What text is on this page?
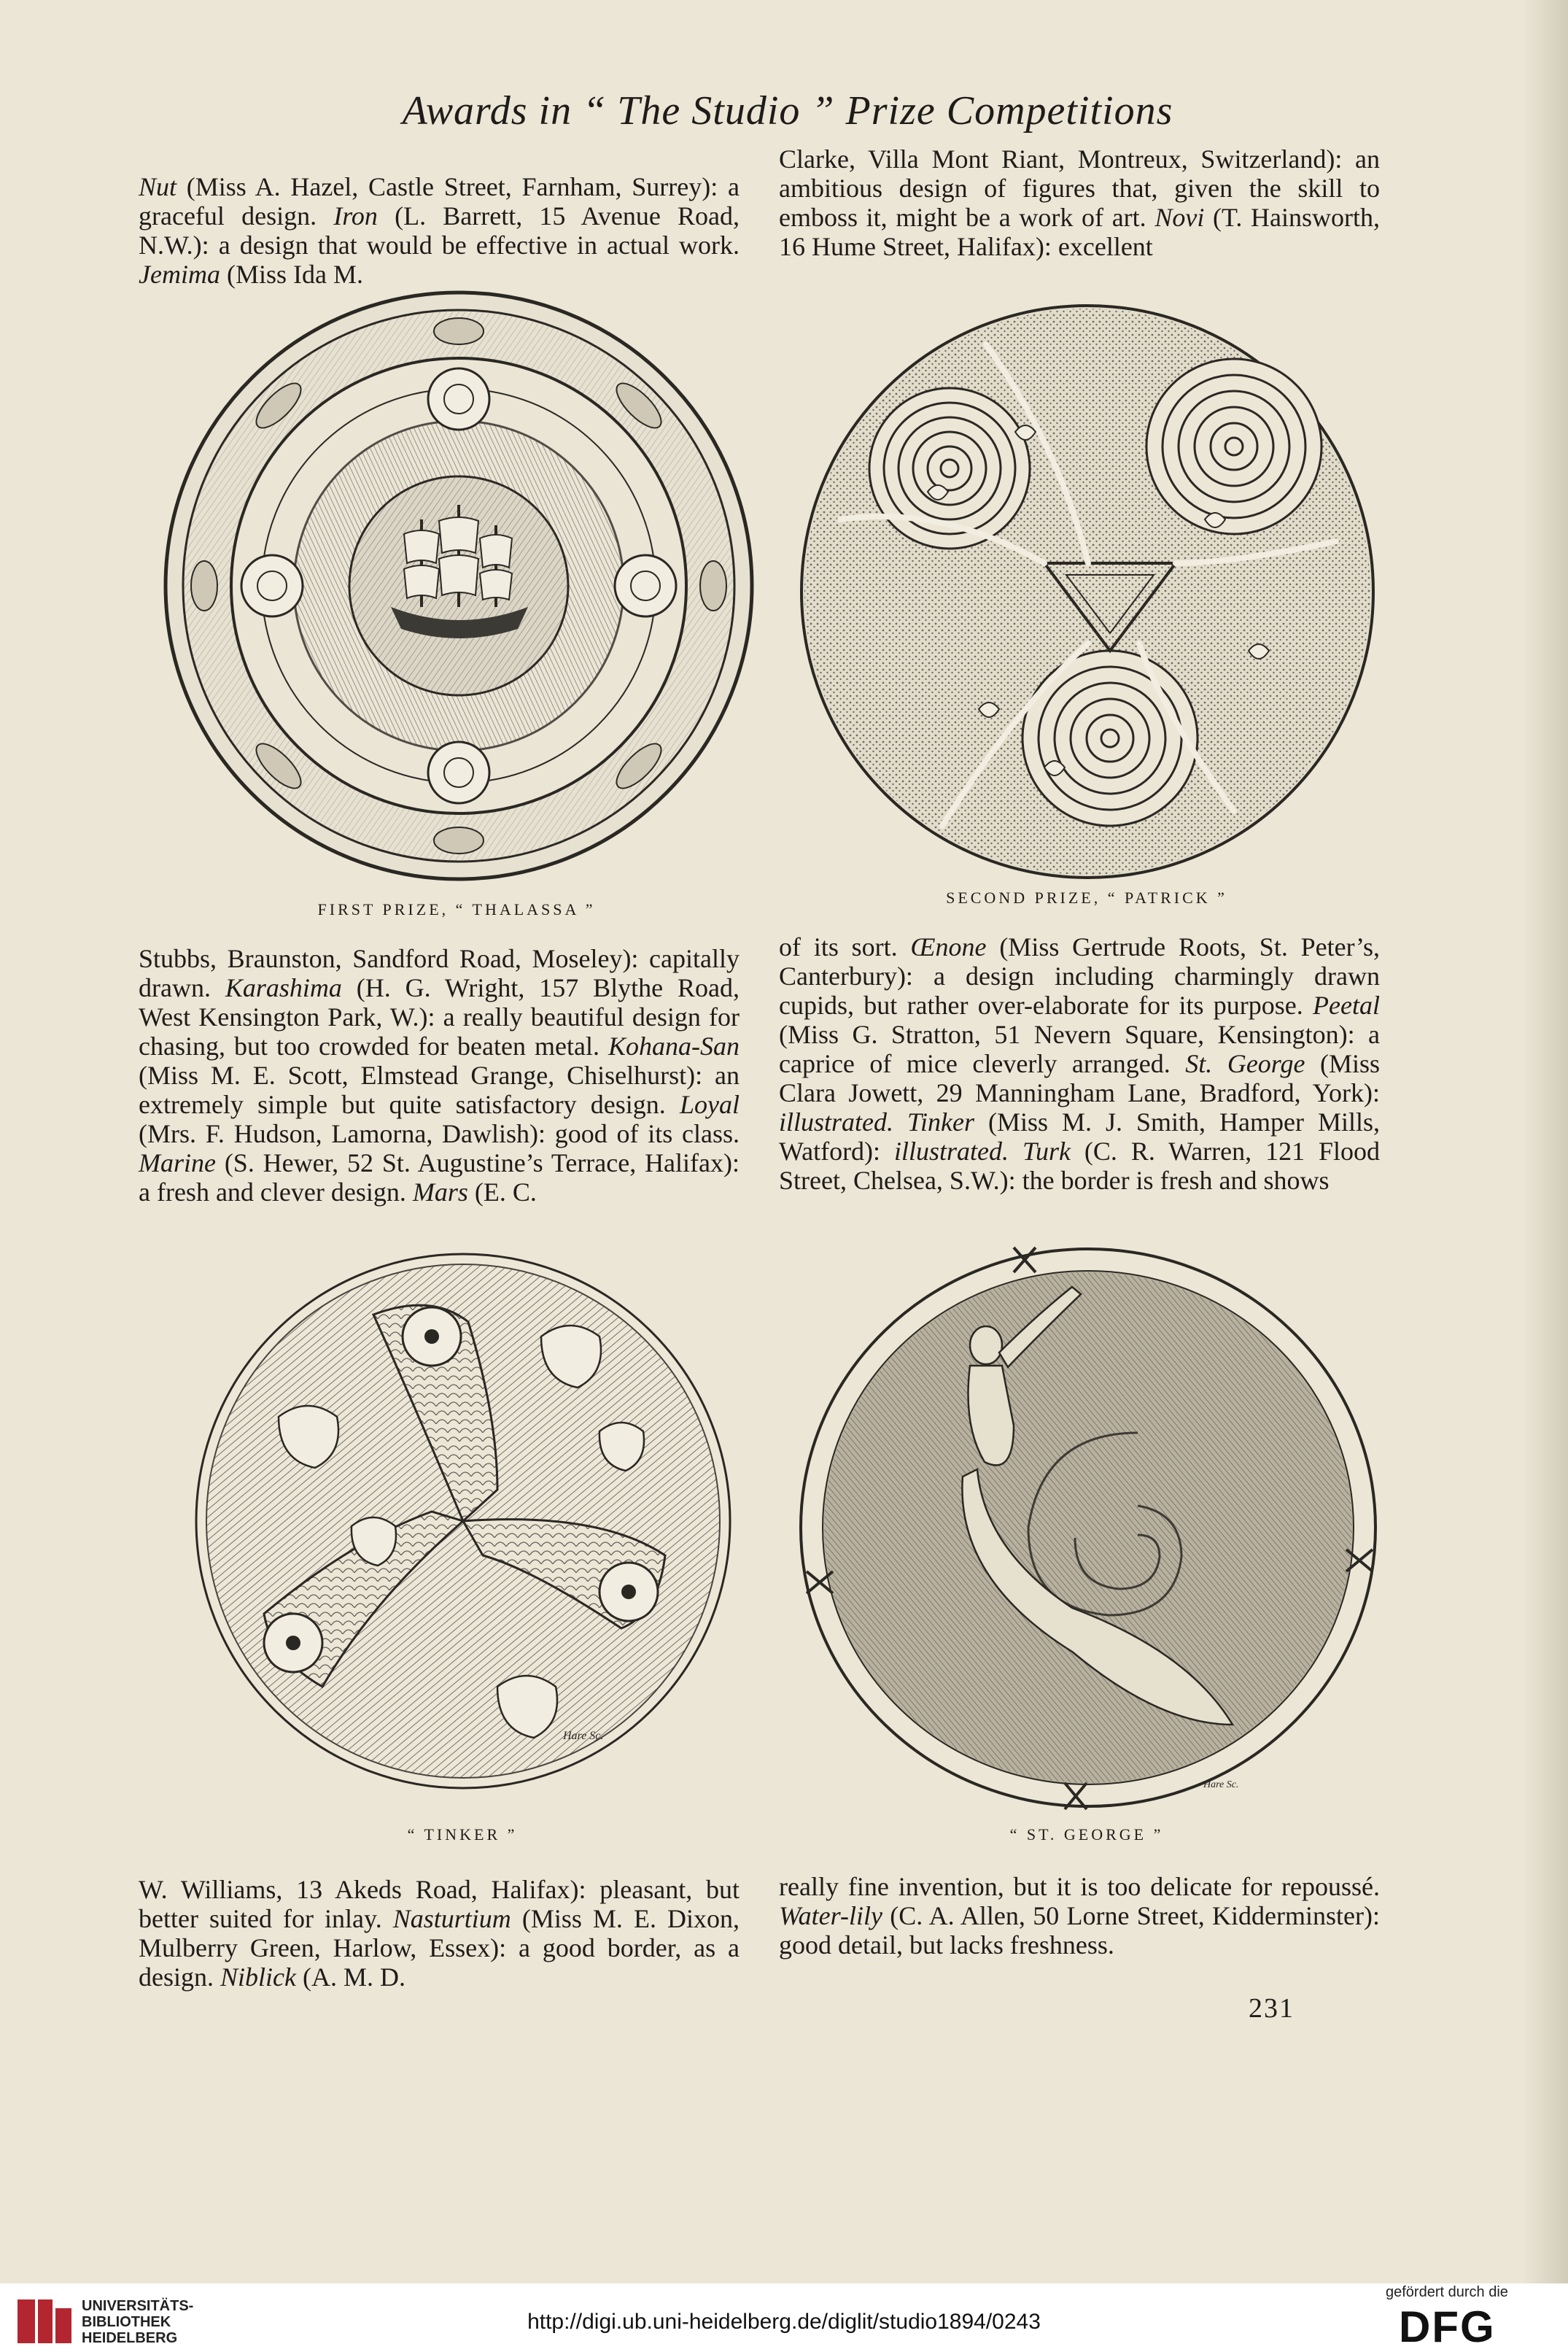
Awards in “ The Studio ” Prize Competitions

Nut (Miss A. Hazel, Castle Street, Farnham, Surrey): a graceful design. Iron (L. Barrett, 15 Avenue Road, N.W.): a design that would be effective in actual work. Jemima (Miss Ida M.

Clarke, Villa Mont Riant, Montreux, Switzerland): an ambitious design of figures that, given the skill to emboss it, might be a work of art. Novi (T. Hainsworth, 16 Hume Street, Halifax): excellent

FIRST PRIZE, “ THALASSA ”
SECOND PRIZE, “ PATRICK ”

Stubbs, Braunston, Sandford Road, Moseley): capitally drawn. Karashima (H. G. Wright, 157 Blythe Road, West Kensington Park, W.): a really beautiful design for chasing, but too crowded for beaten metal. Kohana-San (Miss M. E. Scott, Elmstead Grange, Chiselhurst): an extremely simple but quite satisfactory design. Loyal (Mrs. F. Hudson, Lamorna, Dawlish): good of its class. Marine (S. Hewer, 52 St. Augustine’s Terrace, Halifax): a fresh and clever design. Mars (E. C.

of its sort. Œnone (Miss Gertrude Roots, St. Peter’s, Canterbury): a design including charmingly drawn cupids, but rather over-elaborate for its purpose. Peetal (Miss G. Stratton, 51 Nevern Square, Kensington): a caprice of mice cleverly arranged. St. George (Miss Clara Jowett, 29 Manningham Lane, Bradford, York): illustrated. Tinker (Miss M. J. Smith, Hamper Mills, Watford): illustrated. Turk (C. R. Warren, 121 Flood Street, Chelsea, S.W.): the border is fresh and shows

Hare Sc.
“ TINKER ”
Hare Sc.
“ ST. GEORGE ”

W. Williams, 13 Akeds Road, Halifax): pleasant, but better suited for inlay. Nasturtium (Miss M. E. Dixon, Mulberry Green, Harlow, Essex): a good border, as a design. Niblick (A. M. D.

really fine invention, but it is too delicate for repoussé. Water-lily (C. A. Allen, 50 Lorne Street, Kidderminster): good detail, but lacks freshness.

231
UNIVERSITÄTS-
BIBLIOTHEK
HEIDELBERG
http://digi.ub.uni-heidelberg.de/diglit/studio1894/0243
gefördert durch die
DFG
